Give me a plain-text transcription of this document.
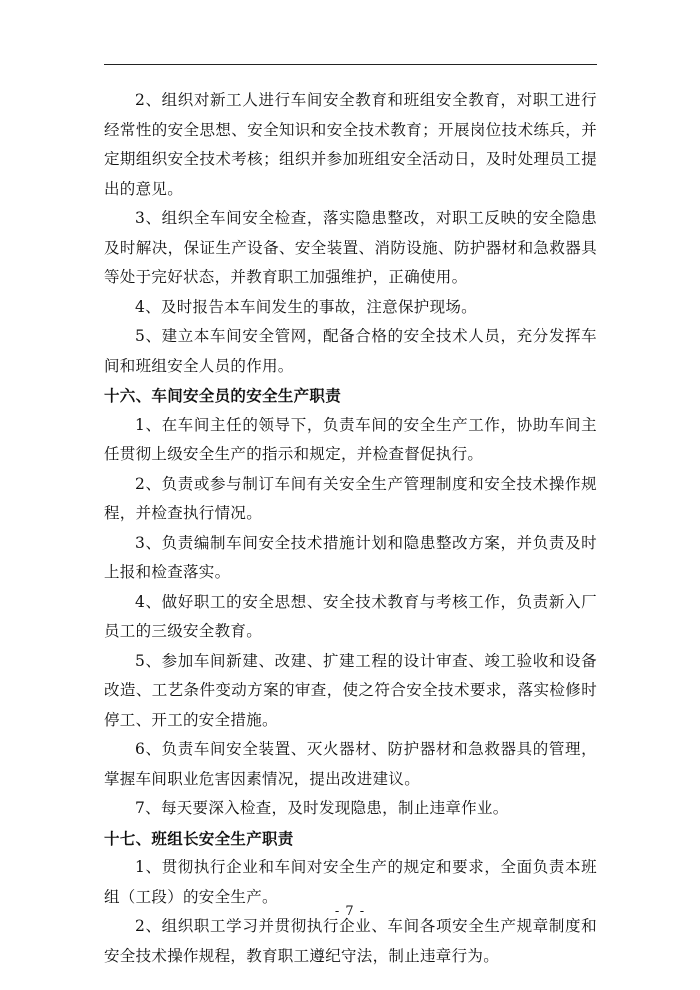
2、组织对新工人进行车间安全教育和班组安全教育，对职工进行经常性的安全思想、安全知识和安全技术教育；开展岗位技术练兵，并定期组织安全技术考核；组织并参加班组安全活动日，及时处理员工提出的意见。

3、组织全车间安全检查，落实隐患整改，对职工反映的安全隐患及时解决，保证生产设备、安全装置、消防设施、防护器材和急救器具等处于完好状态，并教育职工加强维护，正确使用。

4、及时报告本车间发生的事故，注意保护现场。

5、建立本车间安全管网，配备合格的安全技术人员，充分发挥车间和班组安全人员的作用。

十六、车间安全员的安全生产职责

1、在车间主任的领导下，负责车间的安全生产工作，协助车间主任贯彻上级安全生产的指示和规定，并检查督促执行。

2、负责或参与制订车间有关安全生产管理制度和安全技术操作规程，并检查执行情况。

3、负责编制车间安全技术措施计划和隐患整改方案，并负责及时上报和检查落实。

4、做好职工的安全思想、安全技术教育与考核工作，负责新入厂员工的三级安全教育。

5、参加车间新建、改建、扩建工程的设计审查、竣工验收和设备改造、工艺条件变动方案的审查，使之符合安全技术要求，落实检修时停工、开工的安全措施。

6、负责车间安全装置、灭火器材、防护器材和急救器具的管理，掌握车间职业危害因素情况，提出改进建议。

7、每天要深入检查，及时发现隐患，制止违章作业。

十七、班组长安全生产职责

1、贯彻执行企业和车间对安全生产的规定和要求，全面负责本班组（工段）的安全生产。

2、组织职工学习并贯彻执行企业、车间各项安全生产规章制度和安全技术操作规程，教育职工遵纪守法，制止违章行为。

- 7 -
